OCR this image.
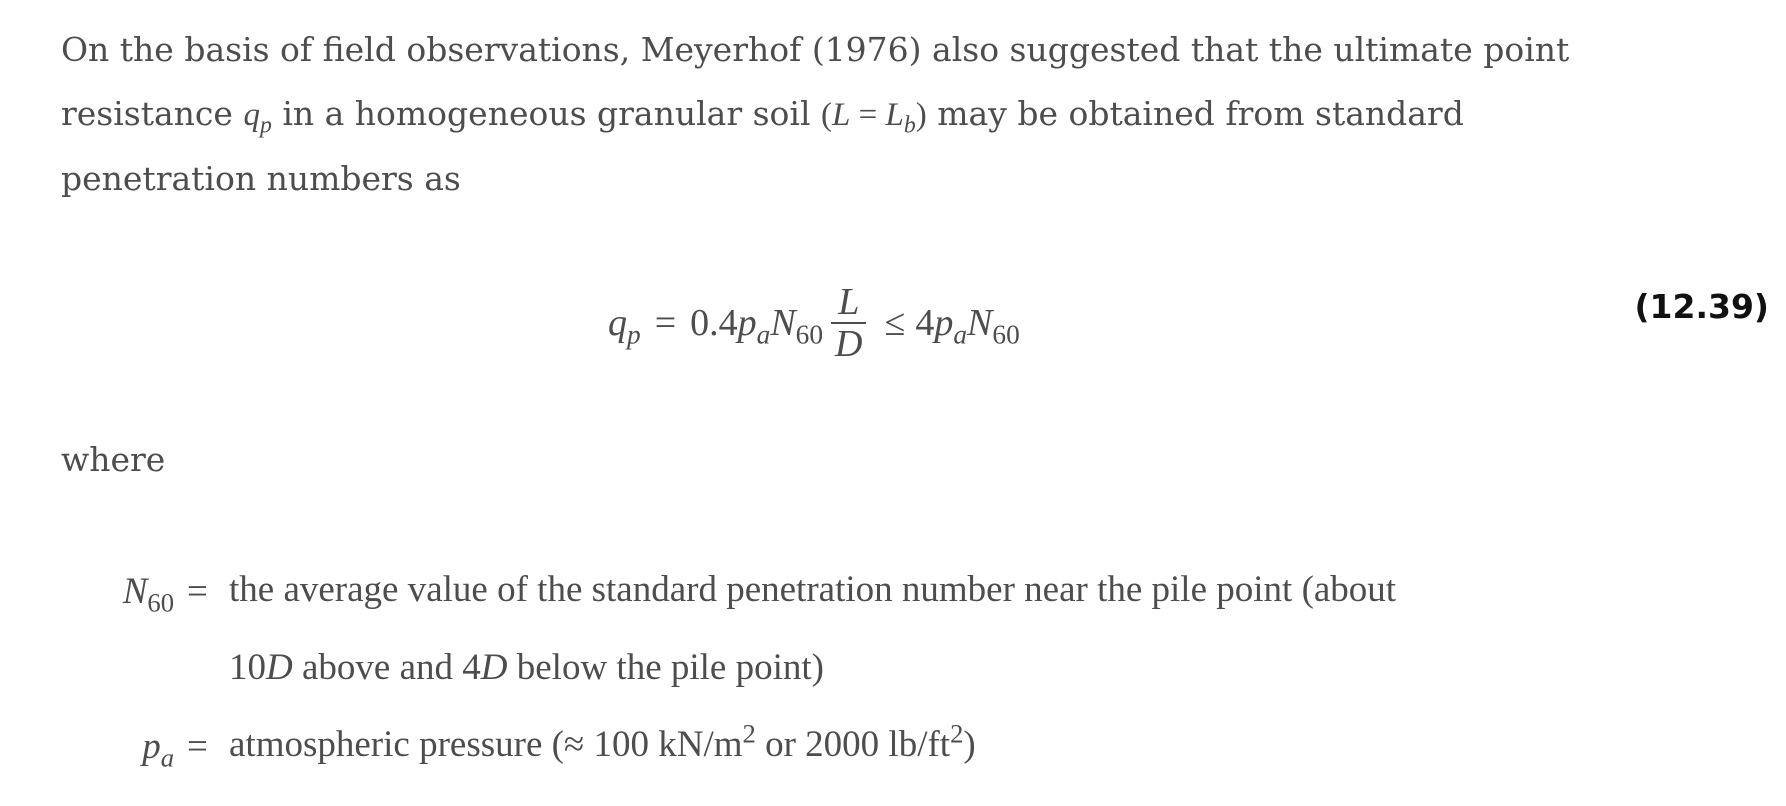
On the basis of field observations, Meyerhof (1976) also suggested that the ultimate point
resistance $q_p$ in a homogeneous granular soil $(L = L_b)$ may be obtained from standard
penetration numbers as
$q_p = 0.4$ $p_a$ $N_{60} \frac{L}{D} \le 4$ $p_a$ $N_{60}$
(12.39)
where
$N_{60}$ = the average value of the standard penetration number near the pile point (about
10D above and 4D below the pile point)
$p_a$ = atmospheric pressure (≈ 100 $kN/m^2$ or 2000 $lb/ft^2$)
